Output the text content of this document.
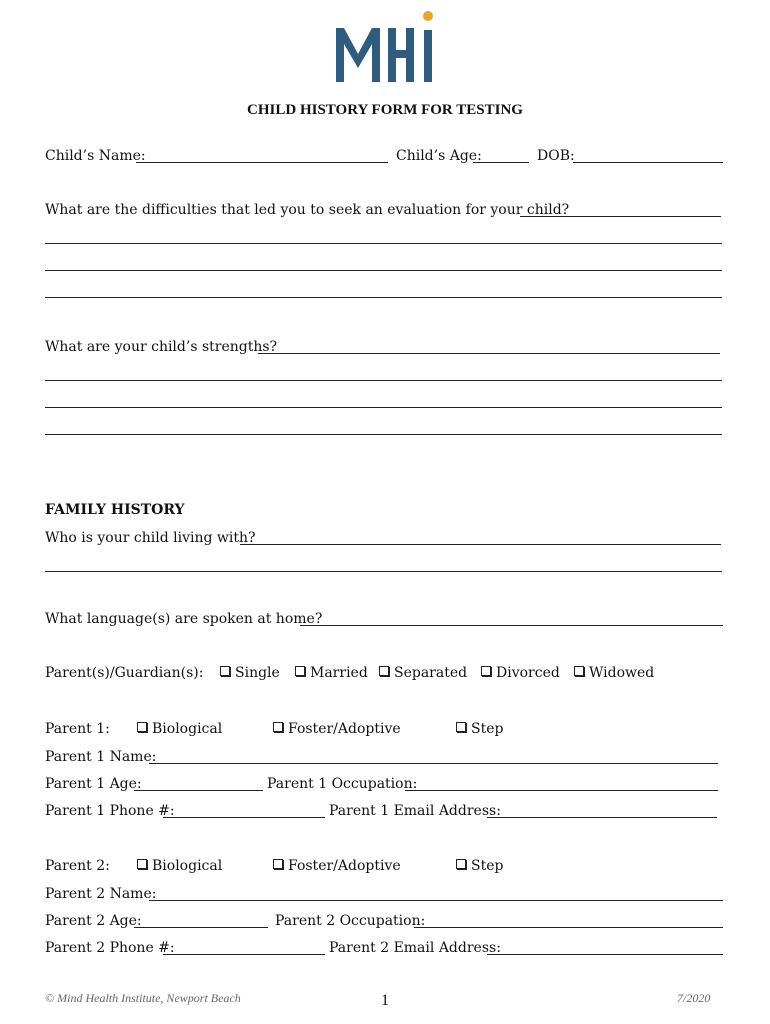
CHILD HISTORY FORM FOR TESTING
Child’s Name:	Child’s Age:	DOB:
What are the difficulties that led you to seek an evaluation for your child?
What are your child’s strengths?
FAMILY HISTORY
Who is your child living with?
What language(s) are spoken at home?
Parent(s)/Guardian(s):	Single	Married	Separated	Divorced	Widowed
Parent 1:	Biological	Foster/Adoptive	Step
Parent 1 Name:
Parent 1 Age:	Parent 1 Occupation:
Parent 1 Phone #:	Parent 1 Email Address:
Parent 2:	Biological	Foster/Adoptive	Step
Parent 2 Name:
Parent 2 Age:	Parent 2 Occupation:
Parent 2 Phone #:	Parent 2 Email Address:
© Mind Health Institute, Newport Beach	1	7/2020
